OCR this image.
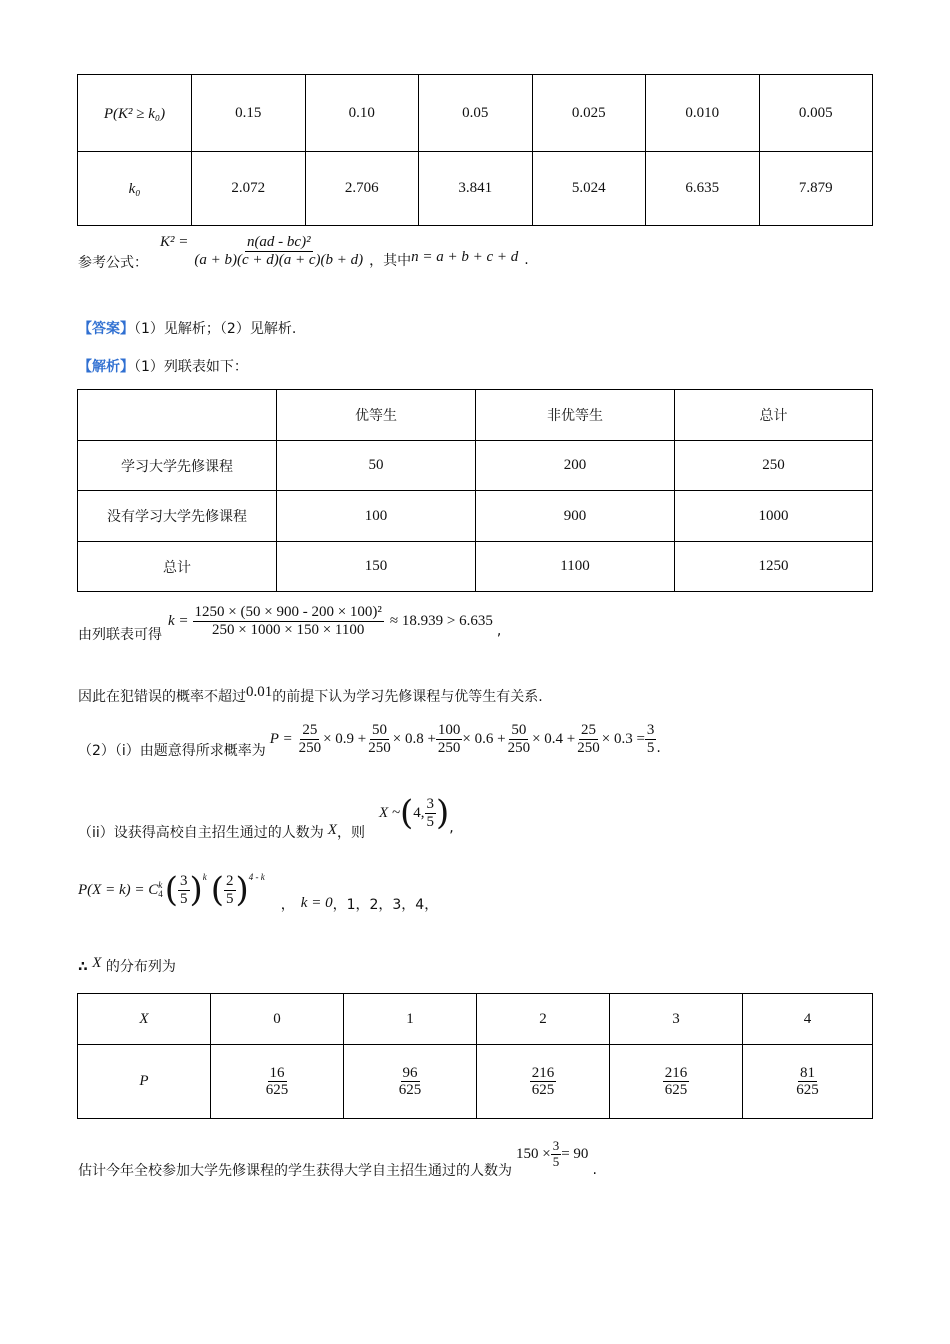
P(K² ≥ k₀)	0.15	0.10	0.05	0.025	0.010	0.005
k₀	2.072	2.706	3.841	5.024	6.635	7.879
参考公式：
$K^2 = \frac{\text{n(ad - bc)²}}{(a + b)(c + d)(a + c)(b + d)}$ ，其中 n = a + b + c + d .
【答案】（1）见解析；（2）见解析.
【解析】（1）列联表如下：
	优等生	非优等生	总计
学习大学先修课程	50	200	250
没有学习大学先修课程	100	900	1000
总计	150	1100	1250
由列联表可得
$k = \frac{\text{1250 × (50 × 900 - 200 × 100)²}}{250 \times 1000 \times 150 \times 1100} \approx 18.939 > 6.635$
,
因此在犯错误的概率不超过0.01的前提下认为学习先修课程与优等生有关系.
（2）（i）由题意得所求概率为
$P = \frac{25}{250} \times 0.9 + \frac{50}{250} \times 0.8 + \frac{100}{250} \times 0.6 + \frac{50}{250} \times 0.4 + \frac{25}{250} \times 0.3 = \frac{3}{5}$ .
（ii）设获得高校自主招生通过的人数为 X ，则
X ~ ( 4, $\frac{3}{5}$ ) ,
P(X = k) = C k
4 ( $\frac{3}{5} )^k$ ( $\frac{2}{5} )^{4 - k}$
， k = 0 ，1，2，3，4，
∴ X 的分布列为
X	0	1	2	3	4
P	$\frac{16}{625}$	$\frac{96}{625}$	$\frac{216}{625}$	$\frac{216}{625}$	$\frac{81}{625}$
估计今年全校参加大学先修课程的学生获得大学自主招生通过的人数为
$150 \times \frac{3}{5} = 90$
.
